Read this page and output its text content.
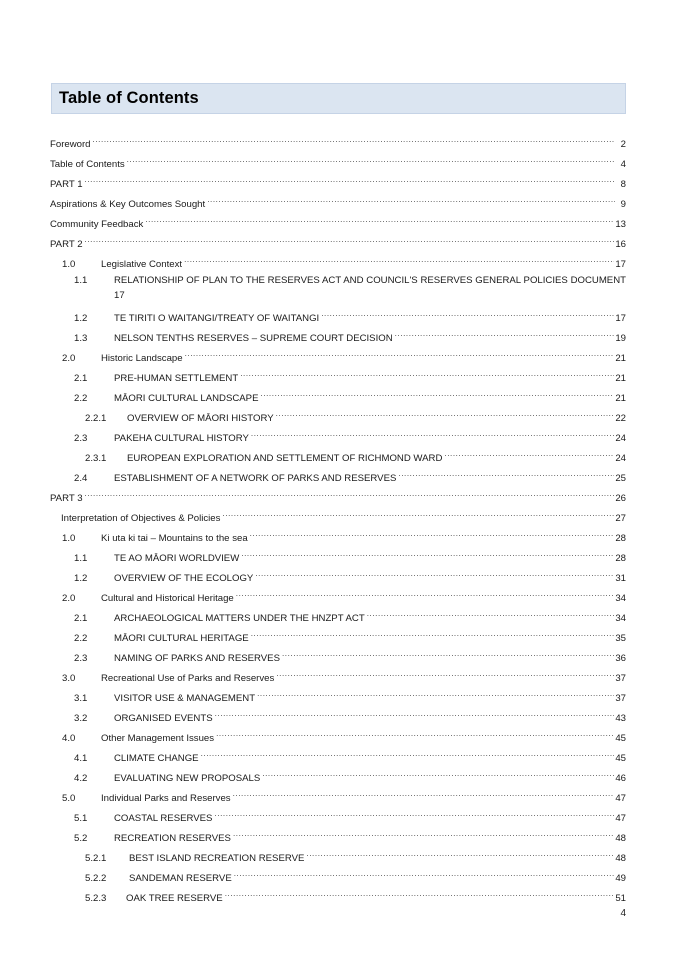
Table of Contents
Foreword .....	2
Table of Contents .....	4
PART 1 .....	8
Aspirations & Key Outcomes Sought .....	9
Community Feedback .....	13
PART 2 .....	16
1.0	Legislative Context .....	17
1.1	RELATIONSHIP OF PLAN TO THE RESERVES ACT AND COUNCIL'S RESERVES GENERAL POLICIES DOCUMENT
17
1.2	TE TIRITI O WAITANGI/TREATY OF WAITANGI .....	17
1.3	NELSON TENTHS RESERVES – SUPREME COURT DECISION .....	19
2.0	Historic Landscape .....	21
2.1	PRE-HUMAN SETTLEMENT .....	21
2.2	MĀORI CULTURAL LANDSCAPE .....	21
2.2.1	OVERVIEW OF MĀORI HISTORY .....	22
2.3	PAKEHA CULTURAL HISTORY .....	24
2.3.1	EUROPEAN EXPLORATION AND SETTLEMENT OF RICHMOND WARD .....	24
2.4	ESTABLISHMENT OF A NETWORK OF PARKS AND RESERVES .....	25
PART 3 .....	26
Interpretation of Objectives & Policies .....	27
1.0	Ki uta ki tai – Mountains to the sea .....	28
1.1	TE AO MĀORI WORLDVIEW .....	28
1.2	OVERVIEW OF THE ECOLOGY .....	31
2.0	Cultural and Historical Heritage .....	34
2.1	ARCHAEOLOGICAL MATTERS UNDER THE HNZPT ACT .....	34
2.2	MĀORI CULTURAL HERITAGE .....	35
2.3	NAMING OF PARKS AND RESERVES .....	36
3.0	Recreational Use of Parks and Reserves .....	37
3.1	VISITOR USE & MANAGEMENT .....	37
3.2	ORGANISED EVENTS .....	43
4.0	Other Management Issues .....	45
4.1	CLIMATE CHANGE .....	45
4.2	EVALUATING NEW PROPOSALS .....	46
5.0	Individual Parks and Reserves .....	47
5.1	COASTAL RESERVES .....	47
5.2	RECREATION RESERVES .....	48
5.2.1	BEST ISLAND RECREATION RESERVE .....	48
5.2.2	SANDEMAN RESERVE .....	49
5.2.3	OAK TREE RESERVE .....	51
4
